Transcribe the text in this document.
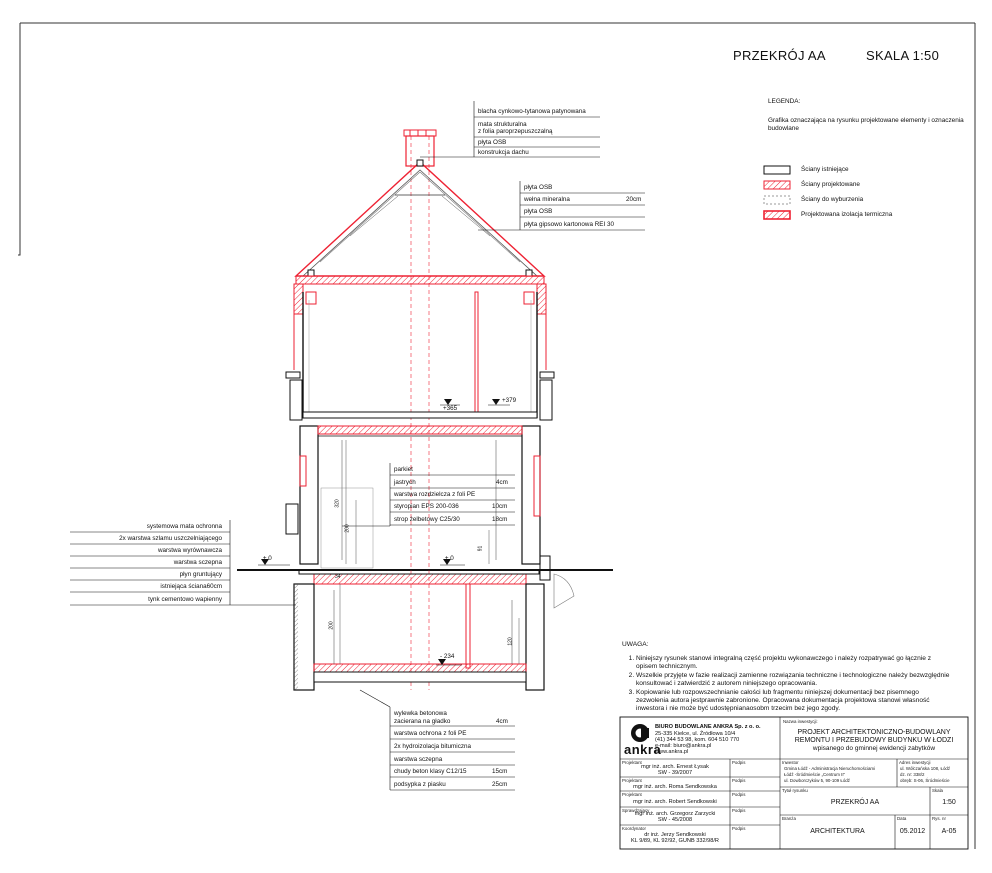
PRZEKRÓJ AA	SKALA 1:50
LEGENDA:
Grafika oznaczająca na rysunku projektowane elementy i oznaczenia budowlane
Ściany istniejące
Ściany projektowane
Ściany do wyburzenia
Projektowana izolacja termiczna
blacha cynkowo-tytanowa patynowana
mata strukturalna
z folia paroprzepuszczalną
płyta OSB
konstrukcja dachu
płyta OSB
wełna mineralna	20cm
płyta OSB
płyta gipsowo kartonowa REI 30
parkiet
jastrych	4cm
warstwa rozdzielcza z foli PE
styropian EPS 200-036	10cm
strop żelbetowy C25/30	18cm
systemowa mata ochronna
2x warstwa szlamu uszczelniającego
warstwa wyrównawcza
warstwa sczepna
płyn gruntujący
istniejąca ściana60cm
tynk cementowo wapienny
wylewka betonowa
zacierana na gładko	4cm
warstwa ochrona z foli PE
2x hydroizolacja bitumiczna
warstwa sczepna
chudy beton klasy C12/15	15cm
podsypka z piasku	25cm
+365
+379
± 0	± 0
- 234
320
200
91
200
120
34
UWAGA:
1. Niniejszy rysunek stanowi integralną część projektu wykonawczego i należy rozpatrywać go łącznie z opisem technicznym.
2. Wszelkie przyjęte w fazie realizacji zamienne rozwiązania techniczne i technologiczne należy bezwzględnie konsultować i zatwierdzić z autorem niniejszego opracowania.
3. Kopiowanie lub rozpowszechnianie całości lub fragmentu niniejszej dokumentacji bez pisemnego zezwolenia autora jestprawnie zabronione. Opracowana dokumentacja projektowa stanowi własność inwestora i nie może być udostępnianaosobm trzecim bez jego zgody.
BIURO BUDOWLANE ANKRA Sp. z o. o.
25-335 Kielce, ul. Źródłowa 10/4
(41) 344 53 98, kom. 604 510 770
e-mail: biuro@ankra.pl
www.ankra.pl
ankra
Nazwa inwestycji:
PROJEKT ARCHITEKTONICZNO-BUDOWLANY
REMONTU I PRZEBUDOWY BUDYNKU W ŁODZI
wpisanego do gminnej ewidencji zabytków
Projektant
mgr inż. arch. Ernest Łysak
SW - 39/2007
Podpis
Projektant
mgr inż. arch. Roma Sendkowska
Podpis
Projektant
mgr inż. arch. Robert Sendkowski
Podpis
Sprawdzający
mgr inż. arch. Grzegorz Zarzycki
SW - 45/2008
Podpis
Koordynator
dr inż. Jerzy Sendkowski
KL 9/89, KL 92/92, GUNB 332/98/R
Podpis
Inwestor
Gmina Łódź - Administracja Nieruchomościami
Łódź -Śródmieście „Centrum II”
ul. Dowborczyków 5, 90-109 Łódź
Adres inwestycji
ul. Wólczańska 108, Łódź
dz. nr: 338/2
obręb: S-06, Śródmieście
Tytuł rysunku
PRZEKRÓJ AA
Skala
1:50
Branża
ARCHITEKTURA
Data
05.2012
Rys. nr
A-05
